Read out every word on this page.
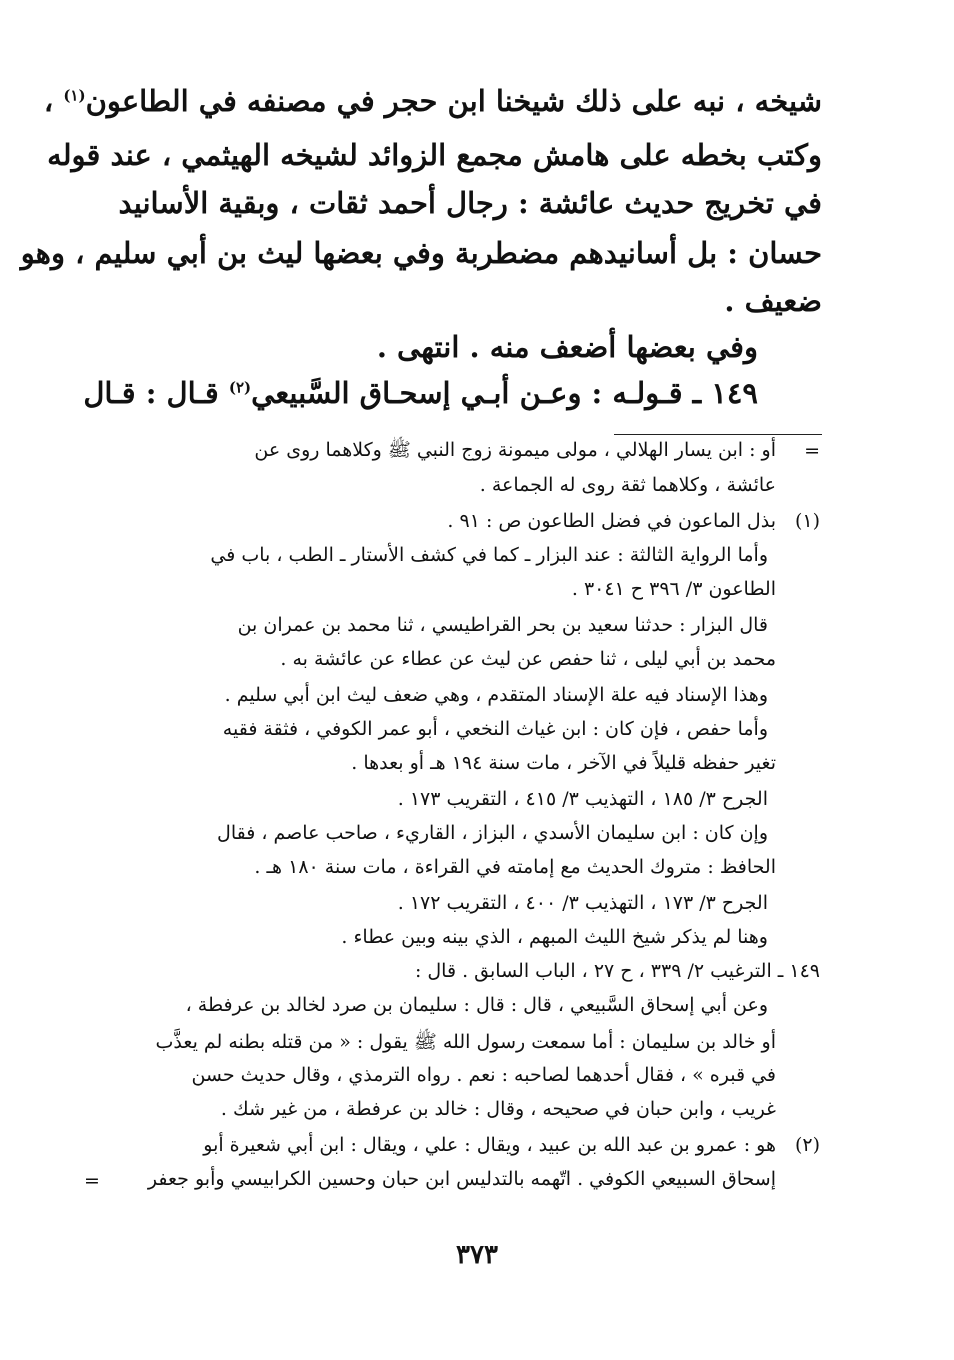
شيخه ، نبه على ذلك شيخنا ابن حجر في مصنفه في الطاعون$^{(١)}$ ،
وكتب بخطه على هامش مجمع الزوائد لشيخه الهيثمي ، عند قوله
في تخريج حديث عائشة : رجال أحمد ثقات ، وبقية الأسانيد
حسان : بل أسانيدهم مضطربة وفي بعضها ليث بن أبي سليم ، وهو
ضعيف .
وفي بعضها أضعف منه . انتهى .
١٤٩ ـ قـولـه : وعـن أبـي إسحـاق السَّبيعي$^{(٢)}$ قـال : قـال
=
أو : ابن يسار الهلالي ، مولى ميمونة زوج النبي ﷺ وكلاهما روى عن
عائشة ، وكلاهما ثقة روى له الجماعة .
(١)
بذل الماعون في فضل الطاعون ص : ٩١ .
وأما الرواية الثالثة : عند البزار ـ كما في كشف الأستار ـ الطب ، باب في
الطاعون ٣/ ٣٩٦ ح ٣٠٤١ .
قال البزار : حدثنا سعيد بن بحر القراطيسي ، ثنا محمد بن عمران بن
محمد بن أبي ليلى ، ثنا حفص عن ليث عن عطاء عن عائشة به .
وهذا الإسناد فيه علة الإسناد المتقدم ، وهي ضعف ليث ابن أبي سليم .
وأما حفص ، فإن كان : ابن غياث النخعي ، أبو عمر الكوفي ، فثقة فقيه
تغير حفظه قليلاً في الآخر ، مات سنة ١٩٤ هـ أو بعدها .
الجرح ٣/ ١٨٥ ، التهذيب ٣/ ٤١٥ ، التقريب ١٧٣ .
وإن كان : ابن سليمان الأسدي ، البزاز ، القاريء ، صاحب عاصم ، فقال
الحافظ : متروك الحديث مع إمامته في القراءة ، مات سنة ١٨٠ هـ .
الجرح ٣/ ١٧٣ ، التهذيب ٣/ ٤٠٠ ، التقريب ١٧٢ .
وهنا لم يذكر شيخ الليث المبهم ، الذي بينه وبين عطاء .
١٤٩ ـ الترغيب ٢/ ٣٣٩ ، ح ٢٧ ، الباب السابق . قال :
وعن أبي إسحاق السَّبيعي ، قال : قال : سليمان بن صرد لخالد بن عرفطة ،
أو خالد بن سليمان : أما سمعت رسول الله ﷺ يقول : « من قتله بطنه لم يعذَّب
في قبره » ، فقال أحدهما لصاحبه : نعم . رواه الترمذي ، وقال حديث حسن
غريب ، وابن حبان في صحيحه ، وقال : خالد بن عرفطة ، من غير شك .
(٢)
هو : عمرو بن عبد الله بن عبيد ، ويقال : علي ، ويقال : ابن أبي شعيرة أبو
إسحاق السبيعي الكوفي . اتّهمه بالتدليس ابن حبان وحسين الكرابيسي وأبو جعفر
=
٣٧٣
